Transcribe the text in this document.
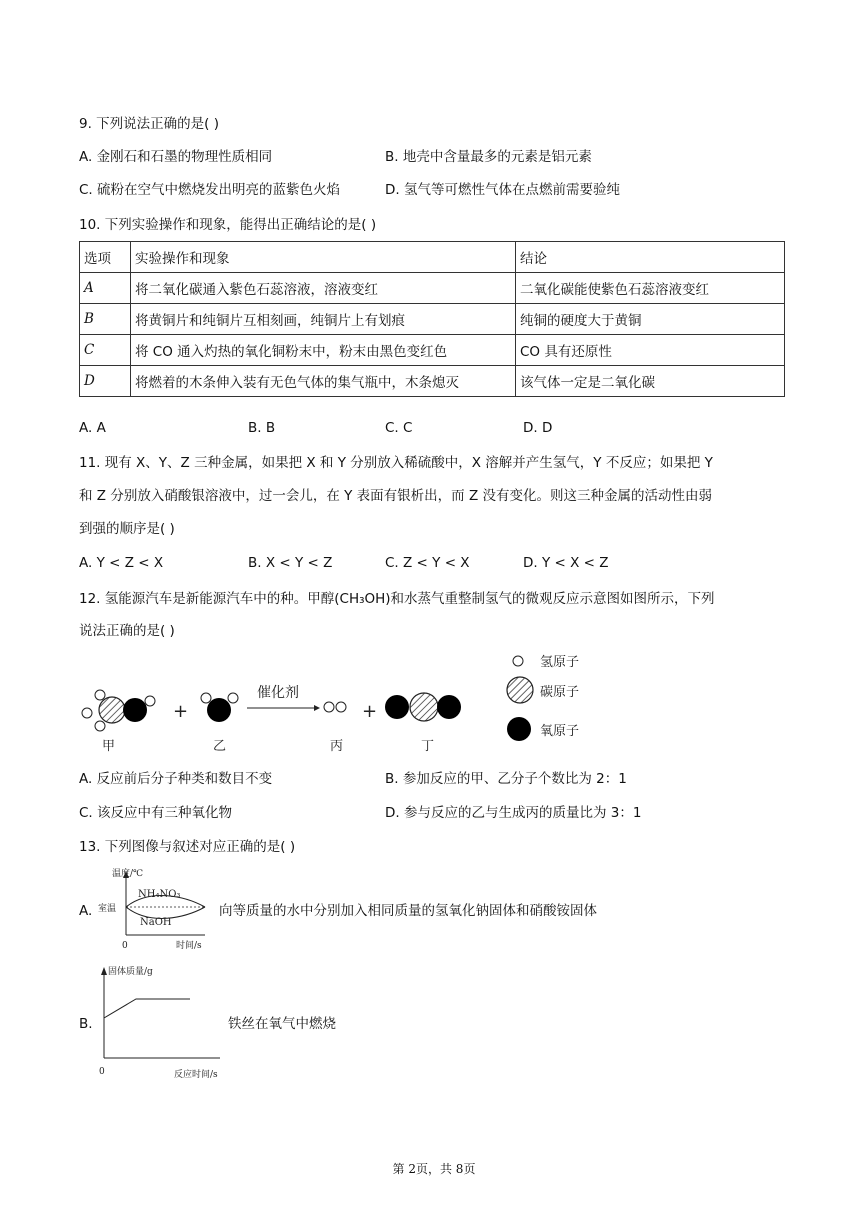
9. 下列说法正确的是( )
A. 金刚石和石墨的物理性质相同	B. 地壳中含量最多的元素是铝元素
C. 硫粉在空气中燃烧发出明亮的蓝紫色火焰	D. 氢气等可燃性气体在点燃前需要验纯
10. 下列实验操作和现象，能得出正确结论的是( )
选项	实验操作和现象	结论
A	将二氧化碳通入紫色石蕊溶液，溶液变红	二氧化碳能使紫色石蕊溶液变红
B	将黄铜片和纯铜片互相刻画，纯铜片上有划痕	纯铜的硬度大于黄铜
C	将 CO 通入灼热的氧化铜粉末中，粉末由黑色变红色	CO 具有还原性
D	将燃着的木条伸入装有无色气体的集气瓶中，木条熄灭	该气体一定是二氧化碳
A. A	B. B	C. C	D. D
11. 现有 X、Y、Z 三种金属，如果把 X 和 Y 分别放入稀硫酸中，X 溶解并产生氢气，Y 不反应；如果把 Y
和 Z 分别放入硝酸银溶液中，过一会儿，在 Y 表面有银析出，而 Z 没有变化。则这三种金属的活动性由弱
到强的顺序是( )
A. Y < Z < X	B. X < Y < Z	C. Z < Y < X	D. Y < X < Z
12. 氢能源汽车是新能源汽车中的种。甲醇(CH₃OH)和水蒸气重整制氢气的微观反应示意图如图所示，下列
说法正确的是( )
+
催化剂
+
甲	乙	丙	丁
氢原子
碳原子
氧原子
温度/℃
时间/s
0
室温
NH₄NO₃
NaOH
固体质量/g
反应时间/s
0
A. 反应前后分子种类和数目不变	B. 参加反应的甲、乙分子个数比为 2：1
C. 该反应中有三种氧化物	D. 参与反应的乙与生成丙的质量比为 3：1
13. 下列图像与叙述对应正确的是( )
A.	向等质量的水中分别加入相同质量的氢氧化钠固体和硝酸铵固体
B.	铁丝在氧气中燃烧
第 2页，共 8页
